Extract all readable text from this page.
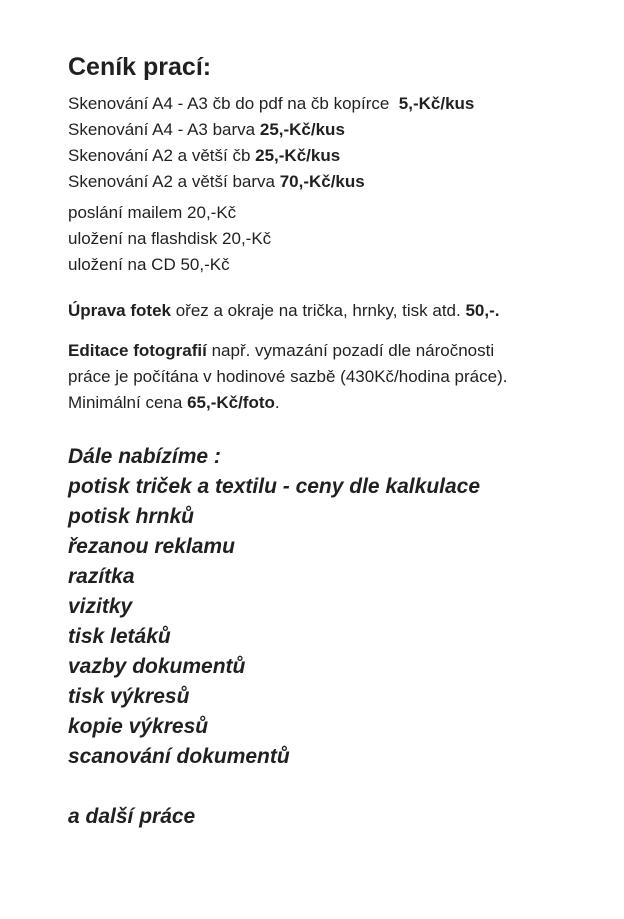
Ceník prací:
Skenování A4 - A3 čb do pdf na čb kopírce  5,-Kč/kus
Skenování A4 - A3 barva 25,-Kč/kus
Skenování A2 a větší čb 25,-Kč/kus
Skenování A2 a větší barva 70,-Kč/kus
poslání mailem 20,-Kč
uložení na flashdisk 20,-Kč
uložení na CD 50,-Kč
Úprava fotek ořez a okraje na trička, hrnky, tisk atd. 50,-.
Editace fotografií např. vymazání pozadí dle náročnosti
práce je počítána v hodinové sazbě (430Kč/hodina práce).
Minimální cena 65,-Kč/foto.
Dále nabízíme :
potisk triček a textilu - ceny dle kalkulace
potisk hrnků
řezanou reklamu
razítka
vizitky
tisk letáků
vazby dokumentů
tisk výkresů
kopie výkresů
scanování dokumentů
a další práce
